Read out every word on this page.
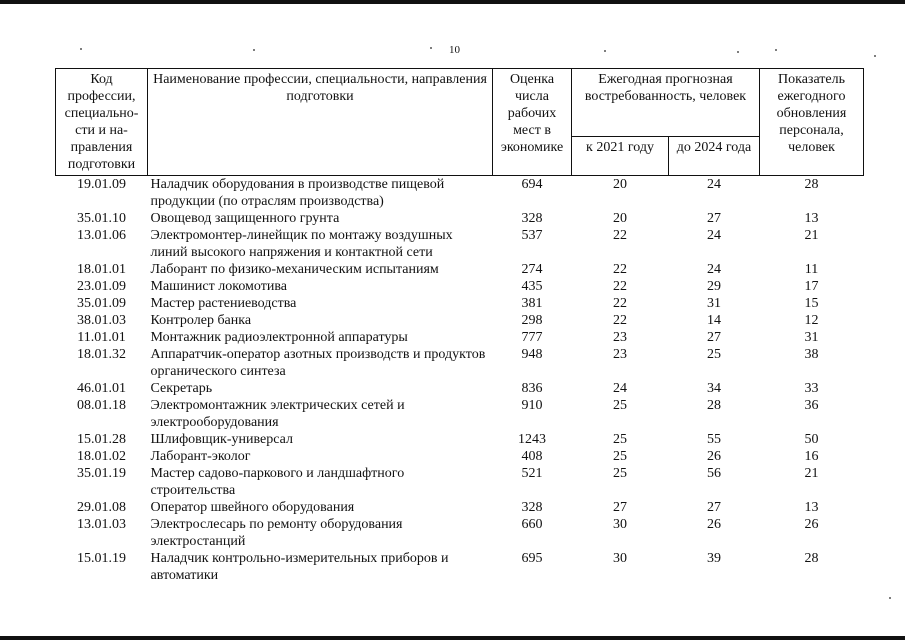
10
Код профессии, специально-сти и на-правления подготовки	Наименование профессии, специальности, направления подготовки	Оценка числа рабочих мест в экономике	Ежегодная прогнозная востребованность, человек		Показатель ежегодного обновления персонала, человек
			к 2021 году	до 2024 года	
19.01.09	Наладчик оборудования в производстве пищевой продукции (по отраслям производства)	694	20	24	28
35.01.10	Овощевод защищенного грунта	328	20	27	13
13.01.06	Электромонтер-линейщик по монтажу воздушных линий высокого напряжения и контактной сети	537	22	24	21
18.01.01	Лаборант по физико-механическим испытаниям	274	22	24	11
23.01.09	Машинист локомотива	435	22	29	17
35.01.09	Мастер растениеводства	381	22	31	15
38.01.03	Контролер банка	298	22	14	12
11.01.01	Монтажник радиоэлектронной аппаратуры	777	23	27	31
18.01.32	Аппаратчик-оператор азотных производств и продуктов органического синтеза	948	23	25	38
46.01.01	Секретарь	836	24	34	33
08.01.18	Электромонтажник электрических сетей и электрооборудования	910	25	28	36
15.01.28	Шлифовщик-универсал	1243	25	55	50
18.01.02	Лаборант-эколог	408	25	26	16
35.01.19	Мастер садово-паркового и ландшафтного строительства	521	25	56	21
29.01.08	Оператор швейного оборудования	328	27	27	13
13.01.03	Электрослесарь по ремонту оборудования электростанций	660	30	26	26
15.01.19	Наладчик контрольно-измерительных приборов и автоматики	695	30	39	28
